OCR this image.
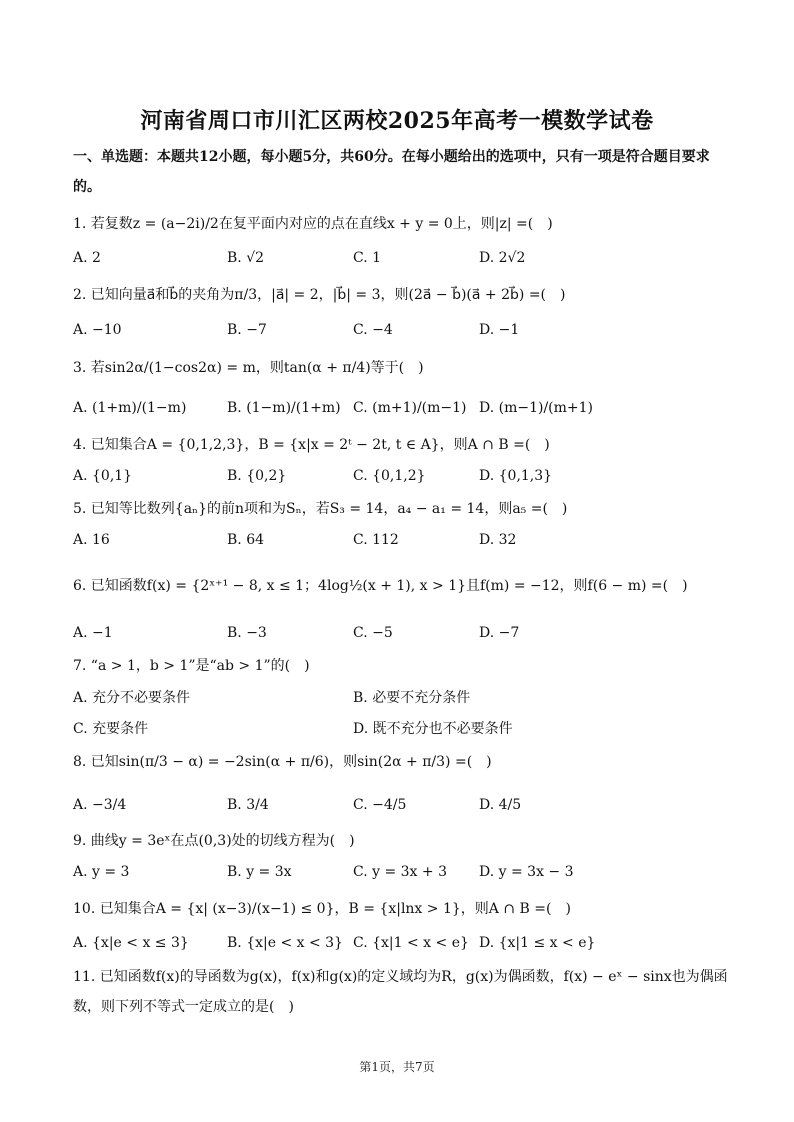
河南省周口市川汇区两校2025年高考一模数学试卷
一、单选题：本题共12小题，每小题5分，共60分。在每小题给出的选项中，只有一项是符合题目要求的。
1. 若复数z = (a−2i)/2在复平面内对应的点在直线x + y = 0上，则|z| =(　)
A. 2	B. √2	C. 1	D. 2√2
2. 已知向量a⃗和b⃗的夹角为π/3，|a⃗| = 2，|b⃗| = 3，则(2a⃗ − b⃗)(a⃗ + 2b⃗) =(　)
A. −10	B. −7	C. −4	D. −1
3. 若sin2α/(1−cos2α) = m，则tan(α + π/4)等于(　)
A. (1+m)/(1−m)	B. (1−m)/(1+m) C. (m+1)/(m−1) D. (m−1)/(m+1)
4. 已知集合A = {0,1,2,3}，B = {x|x = 2ᵗ − 2t, t ∈ A}，则A ∩ B =(　)
A. {0,1}	B. {0,2}	C. {0,1,2}	D. {0,1,3}
5. 已知等比数列{aₙ}的前n项和为Sₙ，若S₃ = 14，a₄ − a₁ = 14，则a₅ =(　)
A. 16	B. 64	C. 112	D. 32
6. 已知函数f(x) = {2ˣ⁺¹ − 8, x ≤ 1；4log½(x + 1), x > 1}且f(m) = −12，则f(6 − m) =(　)
A. −1	B. −3	C. −5	D. −7
7. “a > 1，b > 1”是“ab > 1”的(　)
A. 充分不必要条件	B. 必要不充分条件
C. 充要条件	D. 既不充分也不必要条件
8. 已知sin(π/3 − α) = −2sin(α + π/6)，则sin(2α + π/3) =(　)
A. −3/4	B. 3/4	C. −4/5	D. 4/5
9. 曲线y = 3eˣ在点(0,3)处的切线方程为(　)
A. y = 3	B. y = 3x	C. y = 3x + 3 D. y = 3x − 3
10. 已知集合A = {x| (x−3)/(x−1) ≤ 0}，B = {x|lnx > 1}，则A ∩ B =(　)
A. {x|e < x ≤ 3}	B. {x|e < x < 3} C. {x|1 < x < e} D. {x|1 ≤ x < e}
11. 已知函数f(x)的导函数为g(x)，f(x)和g(x)的定义域均为R，g(x)为偶函数，f(x) − eˣ − sinx也为偶函数，则下列不等式一定成立的是(　)
第1页，共7页
